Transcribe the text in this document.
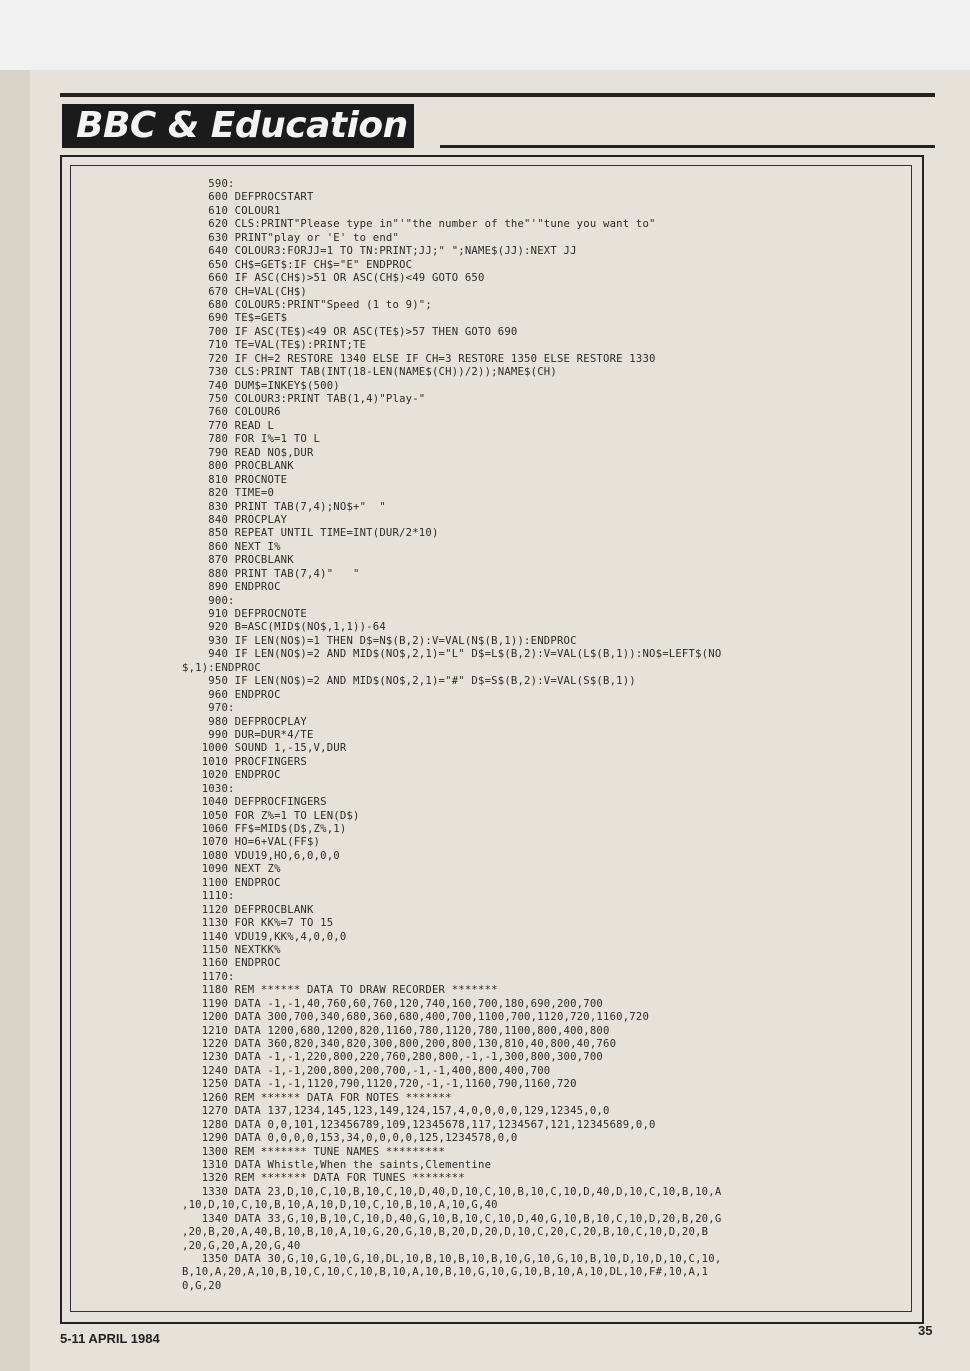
BBC & Education
590:
600 DEFPROCSTART
610 COLOUR1
620 CLS:PRINT"Please type in"'"the number of the"'"tune you want to"
630 PRINT"play or 'E' to end"
640 COLOUR3:FORJJ=1 TO TN:PRINT;JJ;" ";NAME$(JJ):NEXT JJ
650 CH$=GET$:IF CH$="E" ENDPROC
660 IF ASC(CH$)>51 OR ASC(CH$)<49 GOTO 650
670 CH=VAL(CH$)
680 COLOUR5:PRINT"Speed (1 to 9)";
690 TE$=GET$
700 IF ASC(TE$)<49 OR ASC(TE$)>57 THEN GOTO 690
710 TE=VAL(TE$):PRINT;TE
720 IF CH=2 RESTORE 1340 ELSE IF CH=3 RESTORE 1350 ELSE RESTORE 1330
730 CLS:PRINT TAB(INT(18-LEN(NAME$(CH))/2));NAME$(CH)
740 DUM$=INKEY$(500)
750 COLOUR3:PRINT TAB(1,4)"Play-"
760 COLOUR6
770 READ L
780 FOR I%=1 TO L
790 READ NO$,DUR
800 PROCBLANK
810 PROCNOTE
820 TIME=0
830 PRINT TAB(7,4);NO$+"  "
840 PROCPLAY
850 REPEAT UNTIL TIME=INT(DUR/2*10)
860 NEXT I%
870 PROCBLANK
880 PRINT TAB(7,4)"   "
890 ENDPROC
900:
910 DEFPROCNOTE
920 B=ASC(MID$(NO$,1,1))-64
930 IF LEN(NO$)=1 THEN D$=N$(B,2):V=VAL(N$(B,1)):ENDPROC
940 IF LEN(NO$)=2 AND MID$(NO$,2,1)="L" D$=L$(B,2):V=VAL(L$(B,1)):NO$=LEFT$(NO
$,1):ENDPROC
950 IF LEN(NO$)=2 AND MID$(NO$,2,1)="#" D$=S$(B,2):V=VAL(S$(B,1))
960 ENDPROC
970:
980 DEFPROCPLAY
990 DUR=DUR*4/TE
1000 SOUND 1,-15,V,DUR
1010 PROCFINGERS
1020 ENDPROC
1030:
1040 DEFPROCFINGERS
1050 FOR Z%=1 TO LEN(D$)
1060 FF$=MID$(D$,Z%,1)
1070 HO=6+VAL(FF$)
1080 VDU19,HO,6,0,0,0
1090 NEXT Z%
1100 ENDPROC
1110:
1120 DEFPROCBLANK
1130 FOR KK%=7 TO 15
1140 VDU19,KK%,4,0,0,0
1150 NEXTKK%
1160 ENDPROC
1170:
1180 REM ****** DATA TO DRAW RECORDER *******
1190 DATA -1,-1,40,760,60,760,120,740,160,700,180,690,200,700
1200 DATA 300,700,340,680,360,680,400,700,1100,700,1120,720,1160,720
1210 DATA 1200,680,1200,820,1160,780,1120,780,1100,800,400,800
1220 DATA 360,820,340,820,300,800,200,800,130,810,40,800,40,760
1230 DATA -1,-1,220,800,220,760,280,800,-1,-1,300,800,300,700
1240 DATA -1,-1,200,800,200,700,-1,-1,400,800,400,700
1250 DATA -1,-1,1120,790,1120,720,-1,-1,1160,790,1160,720
1260 REM ****** DATA FOR NOTES *******
1270 DATA 137,1234,145,123,149,124,157,4,0,0,0,0,129,12345,0,0
1280 DATA 0,0,101,123456789,109,12345678,117,1234567,121,12345689,0,0
1290 DATA 0,0,0,0,153,34,0,0,0,0,125,1234578,0,0
1300 REM ******* TUNE NAMES *********
1310 DATA Whistle,When the saints,Clementine
1320 REM ******* DATA FOR TUNES ********
1330 DATA 23,D,10,C,10,B,10,C,10,D,40,D,10,C,10,B,10,C,10,D,40,D,10,C,10,B,10,A
,10,D,10,C,10,B,10,A,10,D,10,C,10,B,10,A,10,G,40
1340 DATA 33,G,10,B,10,C,10,D,40,G,10,B,10,C,10,D,40,G,10,B,10,C,10,D,20,B,20,G
,20,B,20,A,40,B,10,B,10,A,10,G,20,G,10,B,20,D,20,D,10,C,20,C,20,B,10,C,10,D,20,B
,20,G,20,A,20,G,40
1350 DATA 30,G,10,G,10,G,10,DL,10,B,10,B,10,B,10,G,10,G,10,B,10,D,10,D,10,C,10,
B,10,A,20,A,10,B,10,C,10,C,10,B,10,A,10,B,10,G,10,G,10,B,10,A,10,DL,10,F#,10,A,1
0,G,20
5-11 APRIL 1984
35
